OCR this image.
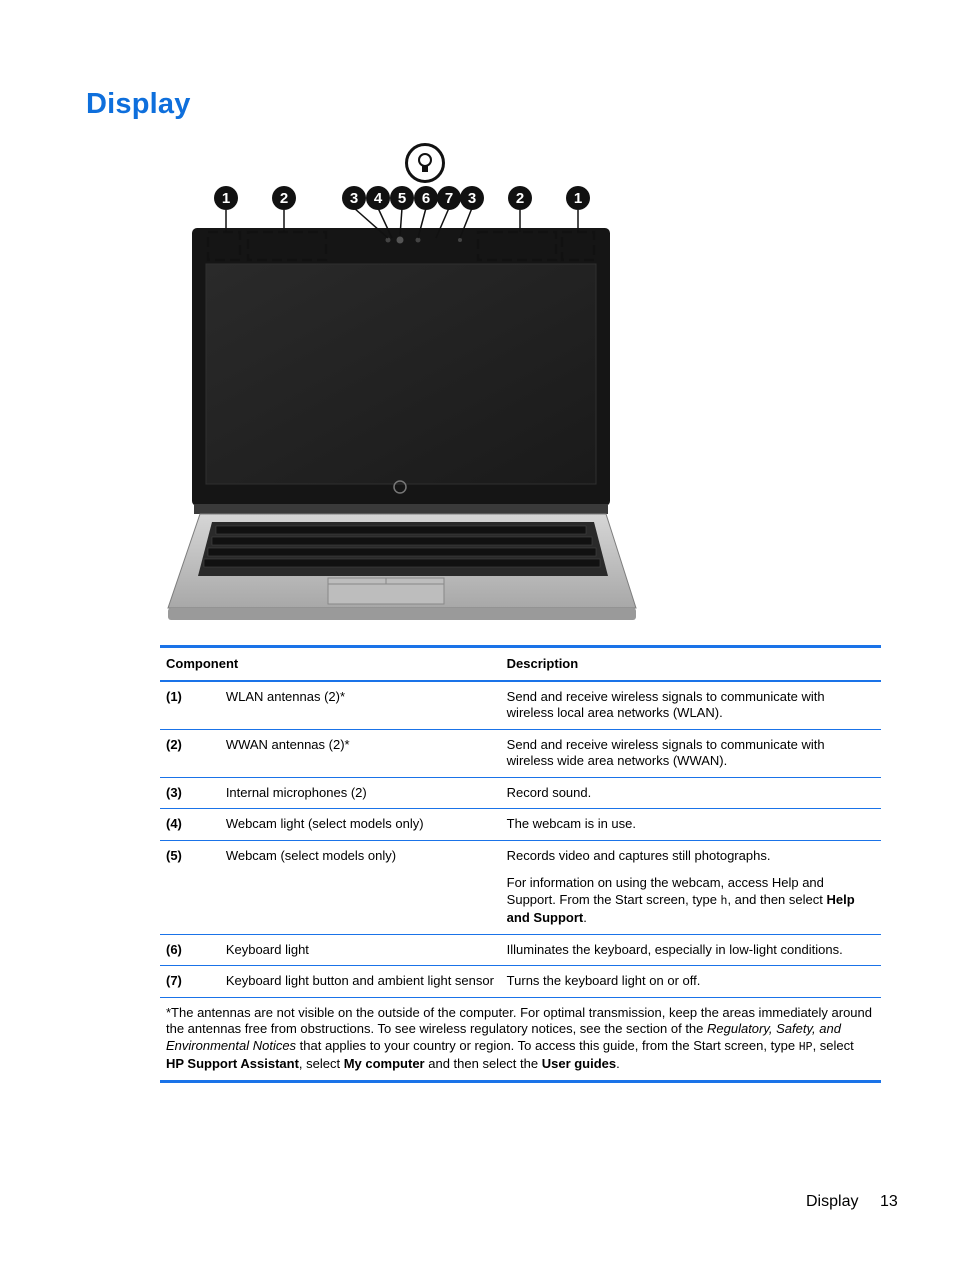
Display
1	2	3	4	5	6 7 3	2	1
Component		Description
(1)	WLAN antennas (2)*	Send and receive wireless signals to communicate with wireless local area networks (WLAN).
(2)	WWAN antennas (2)*	Send and receive wireless signals to communicate with wireless wide area networks (WWAN).
(3)	Internal microphones (2)	Record sound.
(4)	Webcam light (select models only)	The webcam is in use.
(5)	Webcam (select models only)	Records video and captures still photographs.

For information on using the webcam, access Help and Support. From the Start screen, type h, and then select Help and Support.

(6)	Keyboard light	Illuminates the keyboard, especially in low-light conditions.
(7)	Keyboard light button and ambient light sensor	Turns the keyboard light on or off.
*The antennas are not visible on the outside of the computer. For optimal transmission, keep the areas immediately around the antennas free from obstructions. To see wireless regulatory notices, see the section of the Regulatory, Safety, and Environmental Notices that applies to your country or region. To access this guide, from the Start screen, type HP, select HP Support Assistant, select My computer and then select the User guides.		
Display 13
